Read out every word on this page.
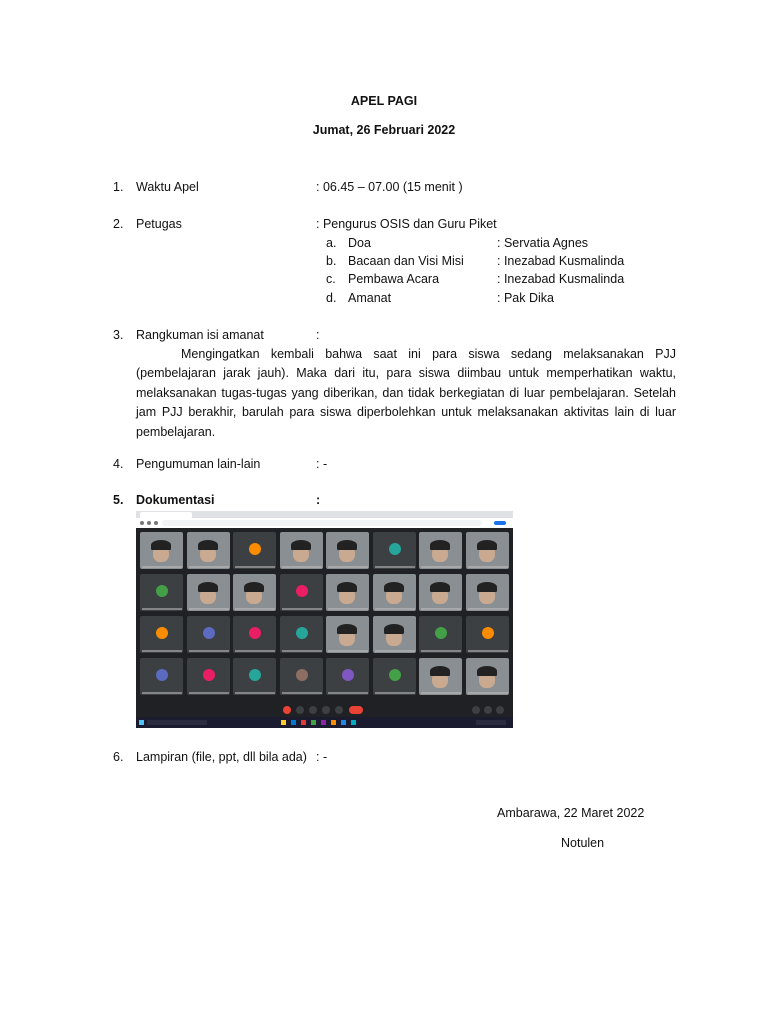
APEL PAGI
Jumat, 26 Februari 2022
1. Waktu Apel	: 06.45 – 07.00 (15 menit )
2. Petugas	: Pengurus OSIS dan Guru Piket
a. Doa	: Servatia Agnes
b. Bacaan dan Visi Misi	: Inezabad Kusmalinda
c. Pembawa Acara	: Inezabad Kusmalinda
d. Amanat	: Pak Dika
3. Rangkuman isi amanat	:
Mengingatkan kembali bahwa saat ini para siswa sedang melaksanakan PJJ (pembelajaran jarak jauh). Maka dari itu, para siswa diimbau untuk memperhatikan waktu, melaksanakan tugas-tugas yang diberikan, dan tidak berkegiatan di luar pembelajaran. Setelah jam PJJ berakhir, barulah para siswa diperbolehkan untuk melaksanakan aktivitas lain di luar pembelajaran.
4. Pengumuman lain-lain	: -
5. Dokumentasi	:
6. Lampiran (file, ppt, dll bila ada) : -
Ambarawa, 22 Maret 2022
Notulen
